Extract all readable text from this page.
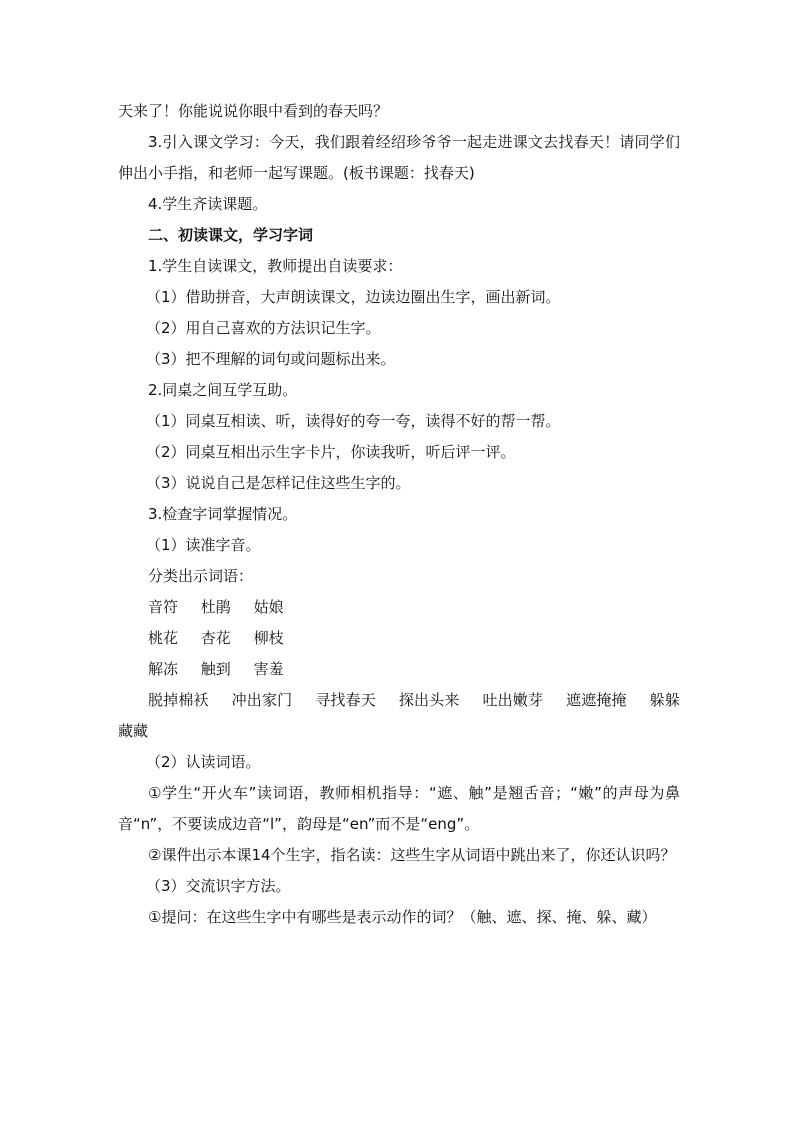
天来了！你能说说你眼中看到的春天吗？
3.引入课文学习：今天，我们跟着经绍珍爷爷一起走进课文去找春天！请同学们伸出小手指，和老师一起写课题。(板书课题：找春天)
4.学生齐读课题。
二、初读课文，学习字词
1.学生自读课文，教师提出自读要求：
（1）借助拼音，大声朗读课文，边读边圈出生字，画出新词。
（2）用自己喜欢的方法识记生字。
（3）把不理解的词句或问题标出来。
2.同桌之间互学互助。
（1）同桌互相读、听，读得好的夸一夸，读得不好的帮一帮。
（2）同桌互相出示生字卡片，你读我听，听后评一评。
（3）说说自己是怎样记住这些生字的。
3.检查字词掌握情况。
（1）读准字音。
分类出示词语：
音符 杜鹃 姑娘
桃花 杏花 柳枝
解冻 触到 害羞
脱掉棉袄 冲出家门 寻找春天 探出头来 吐出嫩芽 遮遮掩掩 躲躲藏藏
（2）认读词语。
①学生“开火车”读词语，教师相机指导：“遮、触”是翘舌音；“嫩”的声母为鼻音“n”，不要读成边音“l”，韵母是“en”而不是“eng”。
②课件出示本课14个生字，指名读：这些生字从词语中跳出来了，你还认识吗？
（3）交流识字方法。
①提问：在这些生字中有哪些是表示动作的词？（触、遮、探、掩、躲、藏）
